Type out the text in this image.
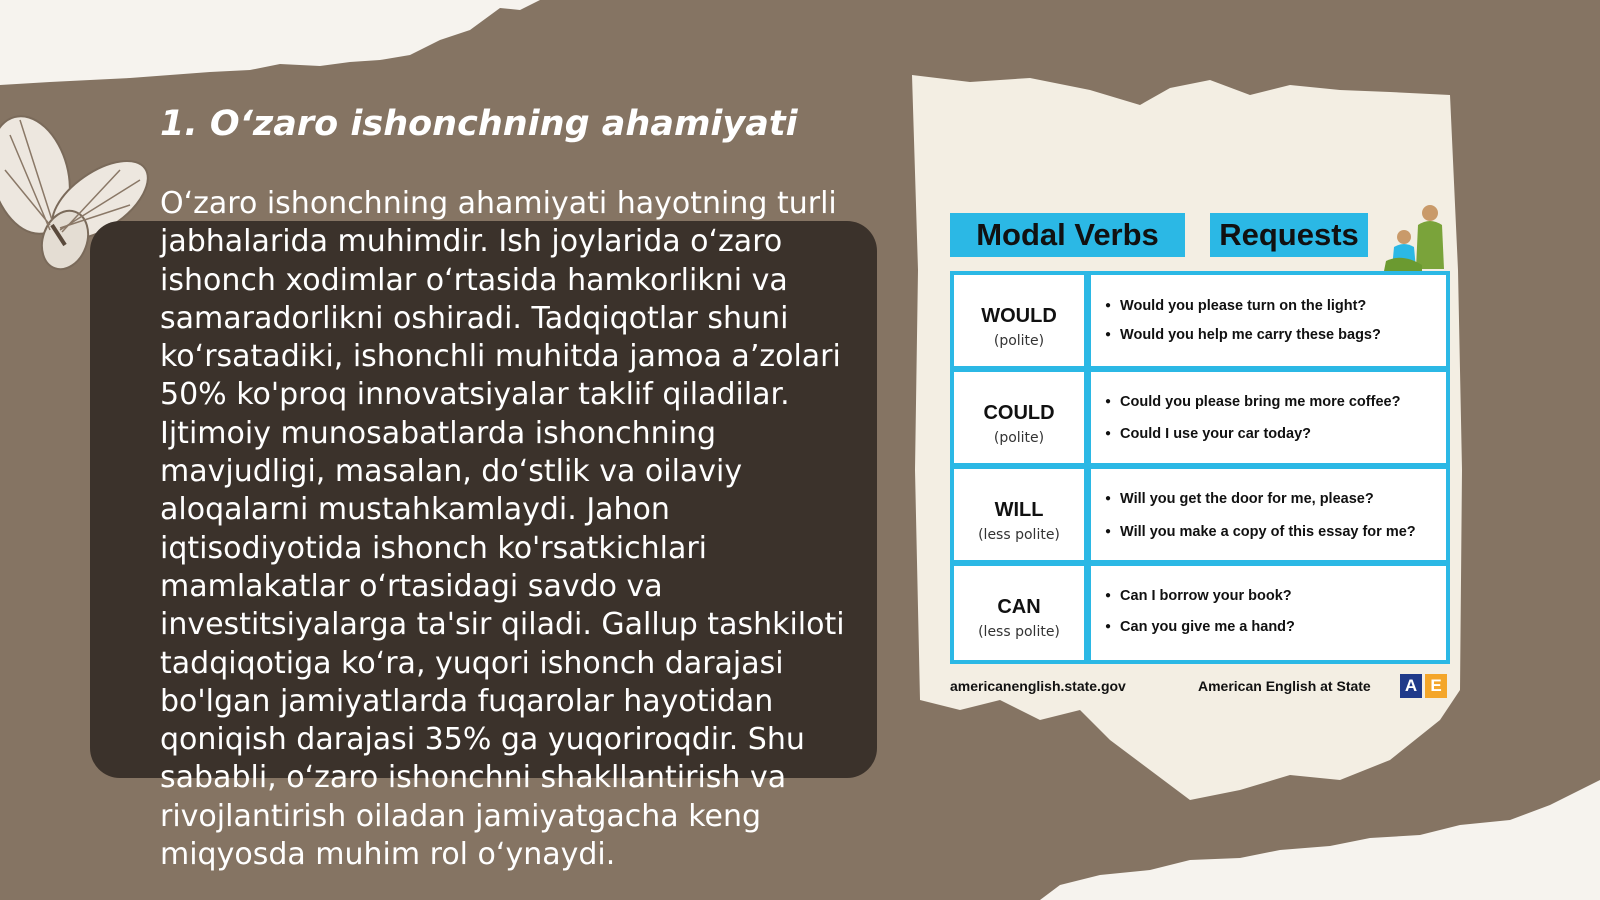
1. O‘zaro ishonchning ahamiyati

O‘zaro ishonchning ahamiyati hayotning turli jabhalarida muhimdir. Ish joylarida o‘zaro ishonch xodimlar o‘rtasida hamkorlikni va samaradorlikni oshiradi. Tadqiqotlar shuni ko‘rsatadiki, ishonchli muhitda jamoa a’zolari 50% ko'proq innovatsiyalar taklif qiladilar. Ijtimoiy munosabatlarda ishonchning mavjudligi, masalan, do‘stlik va oilaviy aloqalarni mustahkamlaydi. Jahon iqtisodiyotida ishonch ko'rsatkichlari mamlakatlar o‘rtasidagi savdo va investitsiyalarga ta'sir qiladi. Gallup tashkiloti tadqiqotiga ko‘ra, yuqori ishonch darajasi bo'lgan jamiyatlarda fuqarolar hayotidan qoniqish darajasi 35% ga yuqoriroqdir. Shu sababli, o‘zaro ishonchni shakllantirish va rivojlantirish oiladan jamiyatgacha keng miqyosda muhim rol o‘ynaydi.

Modal Verbs	Requests
WOULD
(polite)
● Would you please turn on the light?
● Would you help me carry these bags?
COULD
(polite)
● Could you please bring me more coffee?
● Could I use your car today?
WILL
(less polite)
● Will you get the door for me, please?
● Will you make a copy of this essay for me?
CAN
(less polite)
● Can I borrow your book?
● Can you give me a hand?
americanenglish.state.gov	American English at State A E
